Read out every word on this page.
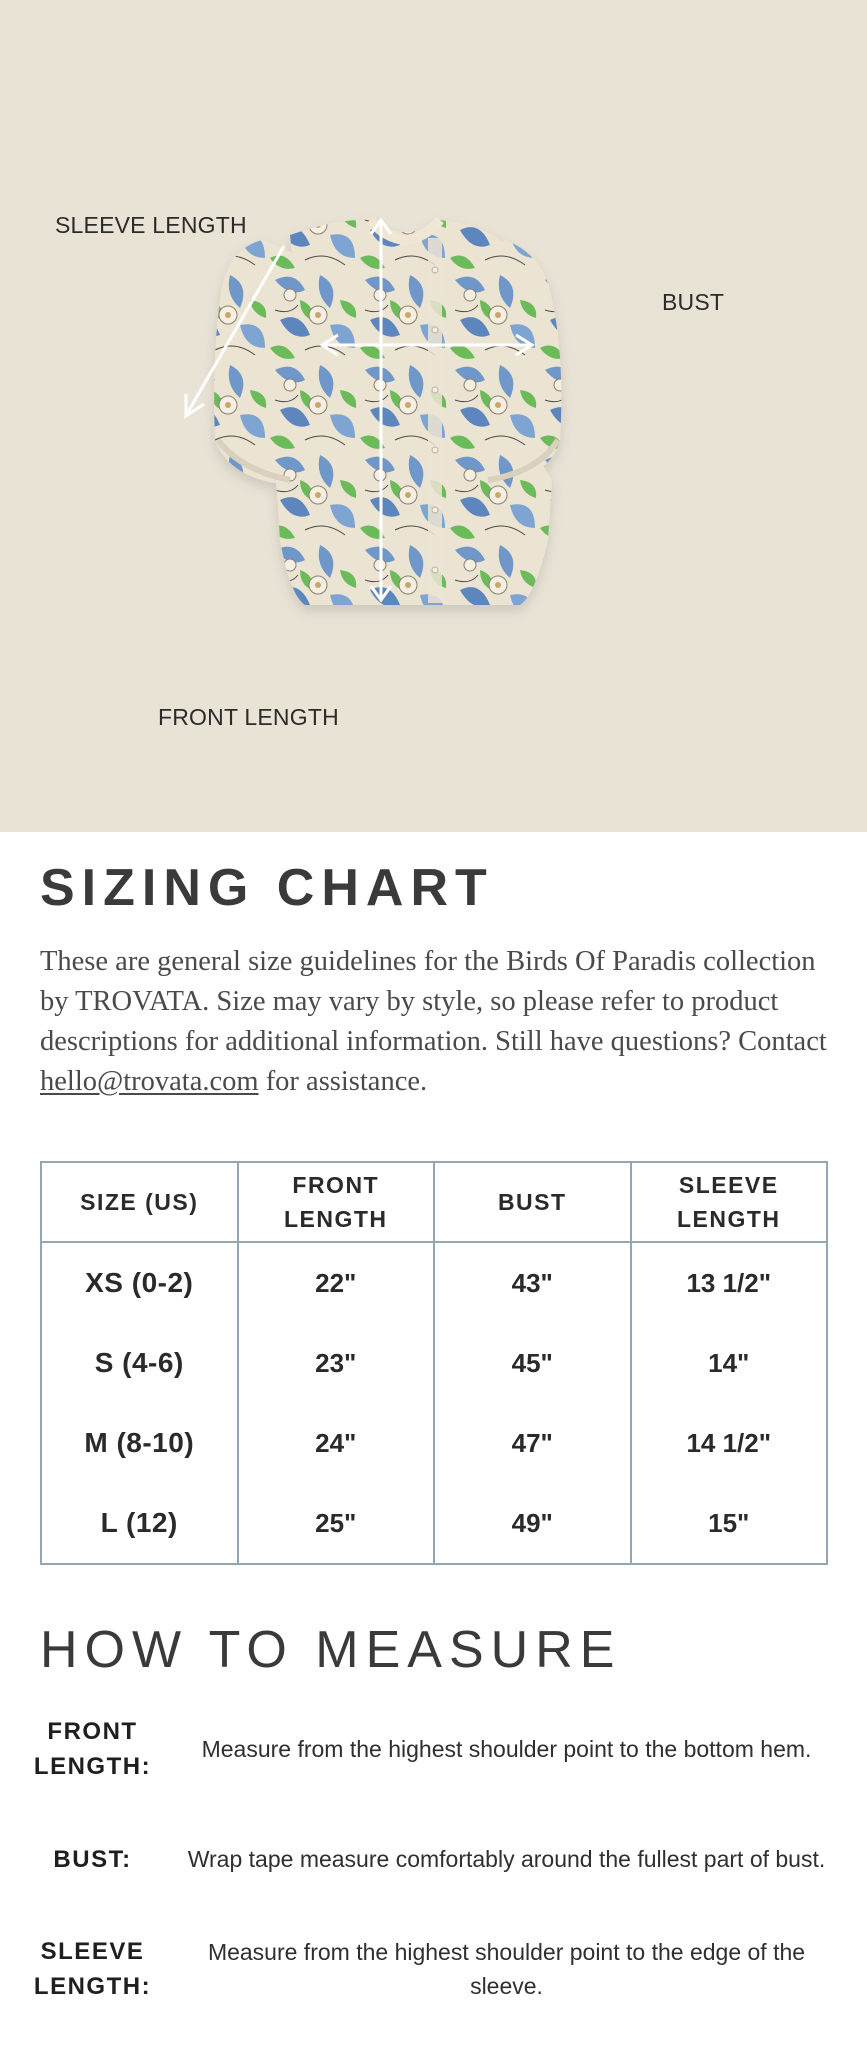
SLEEVE LENGTH
BUST
FRONT LENGTH
SIZING CHART

These are general size guidelines for the Birds Of Paradis collection by TROVATA. Size may vary by style, so please refer to product descriptions for additional information. Still have questions? Contact hello@trovata.com for assistance.

SIZE (US)	FRONT LENGTH	BUST	SLEEVE LENGTH
XS (0-2)	22"	43"	13 1/2"
S (4-6)	23"	45"	14"
M (8-10)	24"	47"	14 1/2"
L (12)	25"	49"	15"
HOW TO MEASURE
FRONT LENGTH:
Measure from the highest shoulder point to the bottom hem.
BUST:	Wrap tape measure comfortably around the fullest part of bust.
SLEEVE LENGTH:
Measure from the highest shoulder point to the edge of the sleeve.
